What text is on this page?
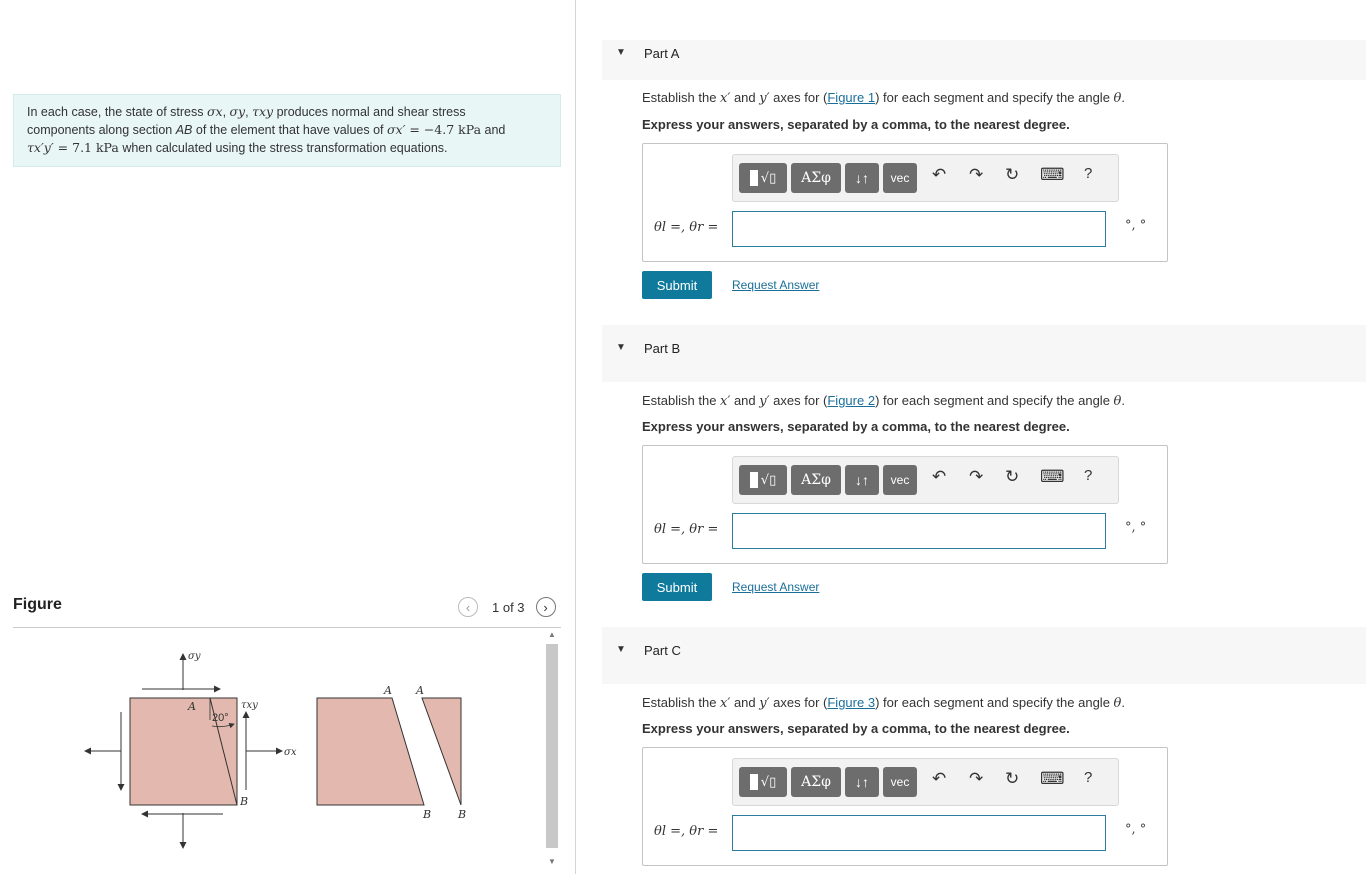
In each case, the state of stress σx, σy, τxy produces normal and shear stress
components along section AB of the element that have values of σx′ = −4.7 kPa and
τx′y′ = 7.1 kPa when calculated using the stress transformation equations.
Figure	‹ 1 of 3 ›
σy
σx
τxy
20°
A
B
A A
B B
▲
▼
▼ Part A
Establish the x′ and y′ axes for (Figure 1) for each segment and specify the angle θ.
Express your answers, separated by a comma, to the nearest degree.
√▯	ΑΣφ	↓↑	vec	↶ ↷ ↻ ⌨ ?
θl =, θr =	°, °
Submit	Request Answer
▼ Part B
Establish the x′ and y′ axes for (Figure 2) for each segment and specify the angle θ.
Express your answers, separated by a comma, to the nearest degree.
√▯	ΑΣφ	↓↑	vec	↶ ↷ ↻ ⌨ ?
θl =, θr =	°, °
Submit	Request Answer
▼ Part C
Establish the x′ and y′ axes for (Figure 3) for each segment and specify the angle θ.
Express your answers, separated by a comma, to the nearest degree.
√▯	ΑΣφ	↓↑	vec	↶ ↷ ↻ ⌨ ?
θl =, θr =	°, °
